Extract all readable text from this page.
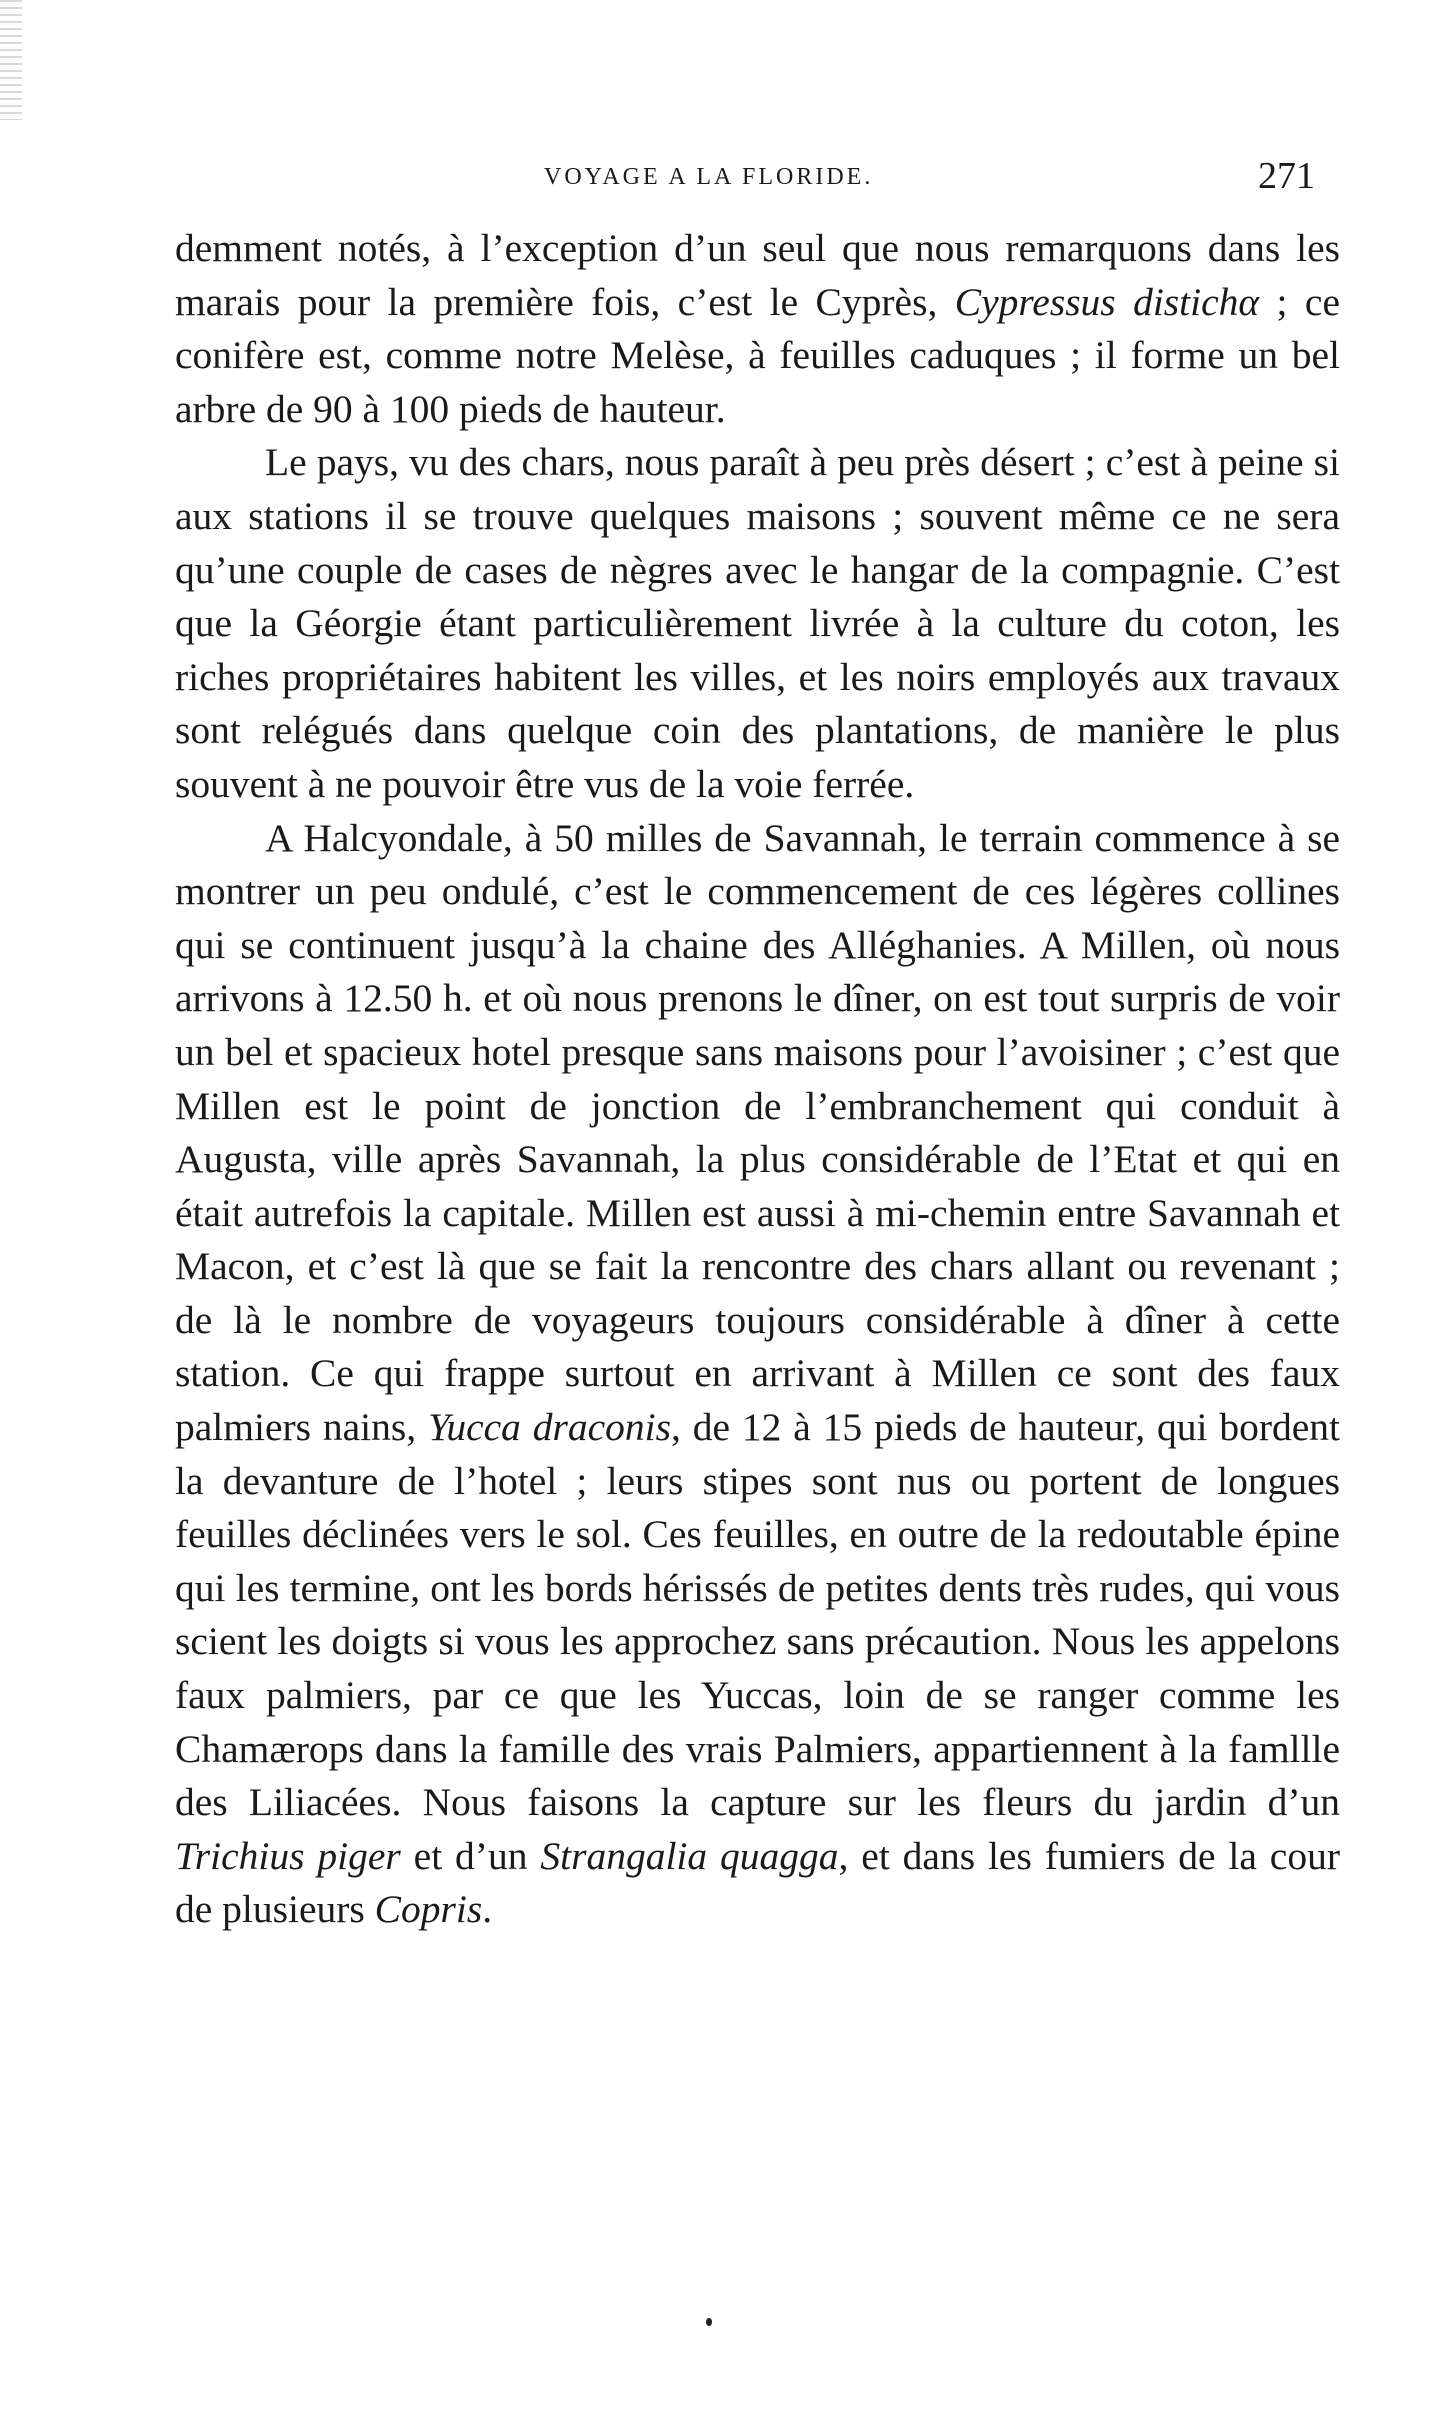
VOYAGE A LA FLORIDE.	271

demment notés, à l’exception d’un seul que nous remarquons dans les marais pour la première fois, c’est le Cyprès, Cypressus distichα ; ce conifère est, comme notre Melèse, à feuilles caduques ; il forme un bel arbre de 90 à 100 pieds de hauteur.

Le pays, vu des chars, nous paraît à peu près désert ; c’est à peine si aux stations il se trouve quelques maisons ; souvent même ce ne sera qu’une couple de cases de nègres avec le hangar de la compagnie. C’est que la Géorgie étant particulièrement livrée à la culture du coton, les riches propriétaires habitent les villes, et les noirs employés aux travaux sont relégués dans quelque coin des plantations, de manière le plus souvent à ne pouvoir être vus de la voie ferrée.

A Halcyondale, à 50 milles de Savannah, le terrain commence à se montrer un peu ondulé, c’est le commencement de ces légères collines qui se continuent jusqu’à la chaine des Alléghanies. A Millen, où nous arrivons à 12.50 h. et où nous prenons le dîner, on est tout surpris de voir un bel et spacieux hotel presque sans maisons pour l’avoisiner ; c’est que Millen est le point de jonction de l’embranchement qui conduit à Augusta, ville après Savannah, la plus considérable de l’Etat et qui en était autrefois la capitale. Millen est aussi à mi-chemin entre Savannah et Macon, et c’est là que se fait la rencontre des chars allant ou revenant ; de là le nombre de voyageurs toujours considérable à dîner à cette station. Ce qui frappe surtout en arrivant à Millen ce sont des faux palmiers nains, Yucca draconis, de 12 à 15 pieds de hauteur, qui bordent la devanture de l’hotel ; leurs stipes sont nus ou portent de longues feuilles déclinées vers le sol. Ces feuilles, en outre de la redoutable épine qui les termine, ont les bords hérissés de petites dents très rudes, qui vous scient les doigts si vous les approchez sans précaution. Nous les appelons faux palmiers, par ce que les Yuccas, loin de se ranger comme les Chamærops dans la famille des vrais Palmiers, appartiennent à la famllle des Liliacées. Nous faisons la capture sur les fleurs du jardin d’un Trichius piger et d’un Strangalia quagga, et dans les fumiers de la cour de plusieurs Copris.
